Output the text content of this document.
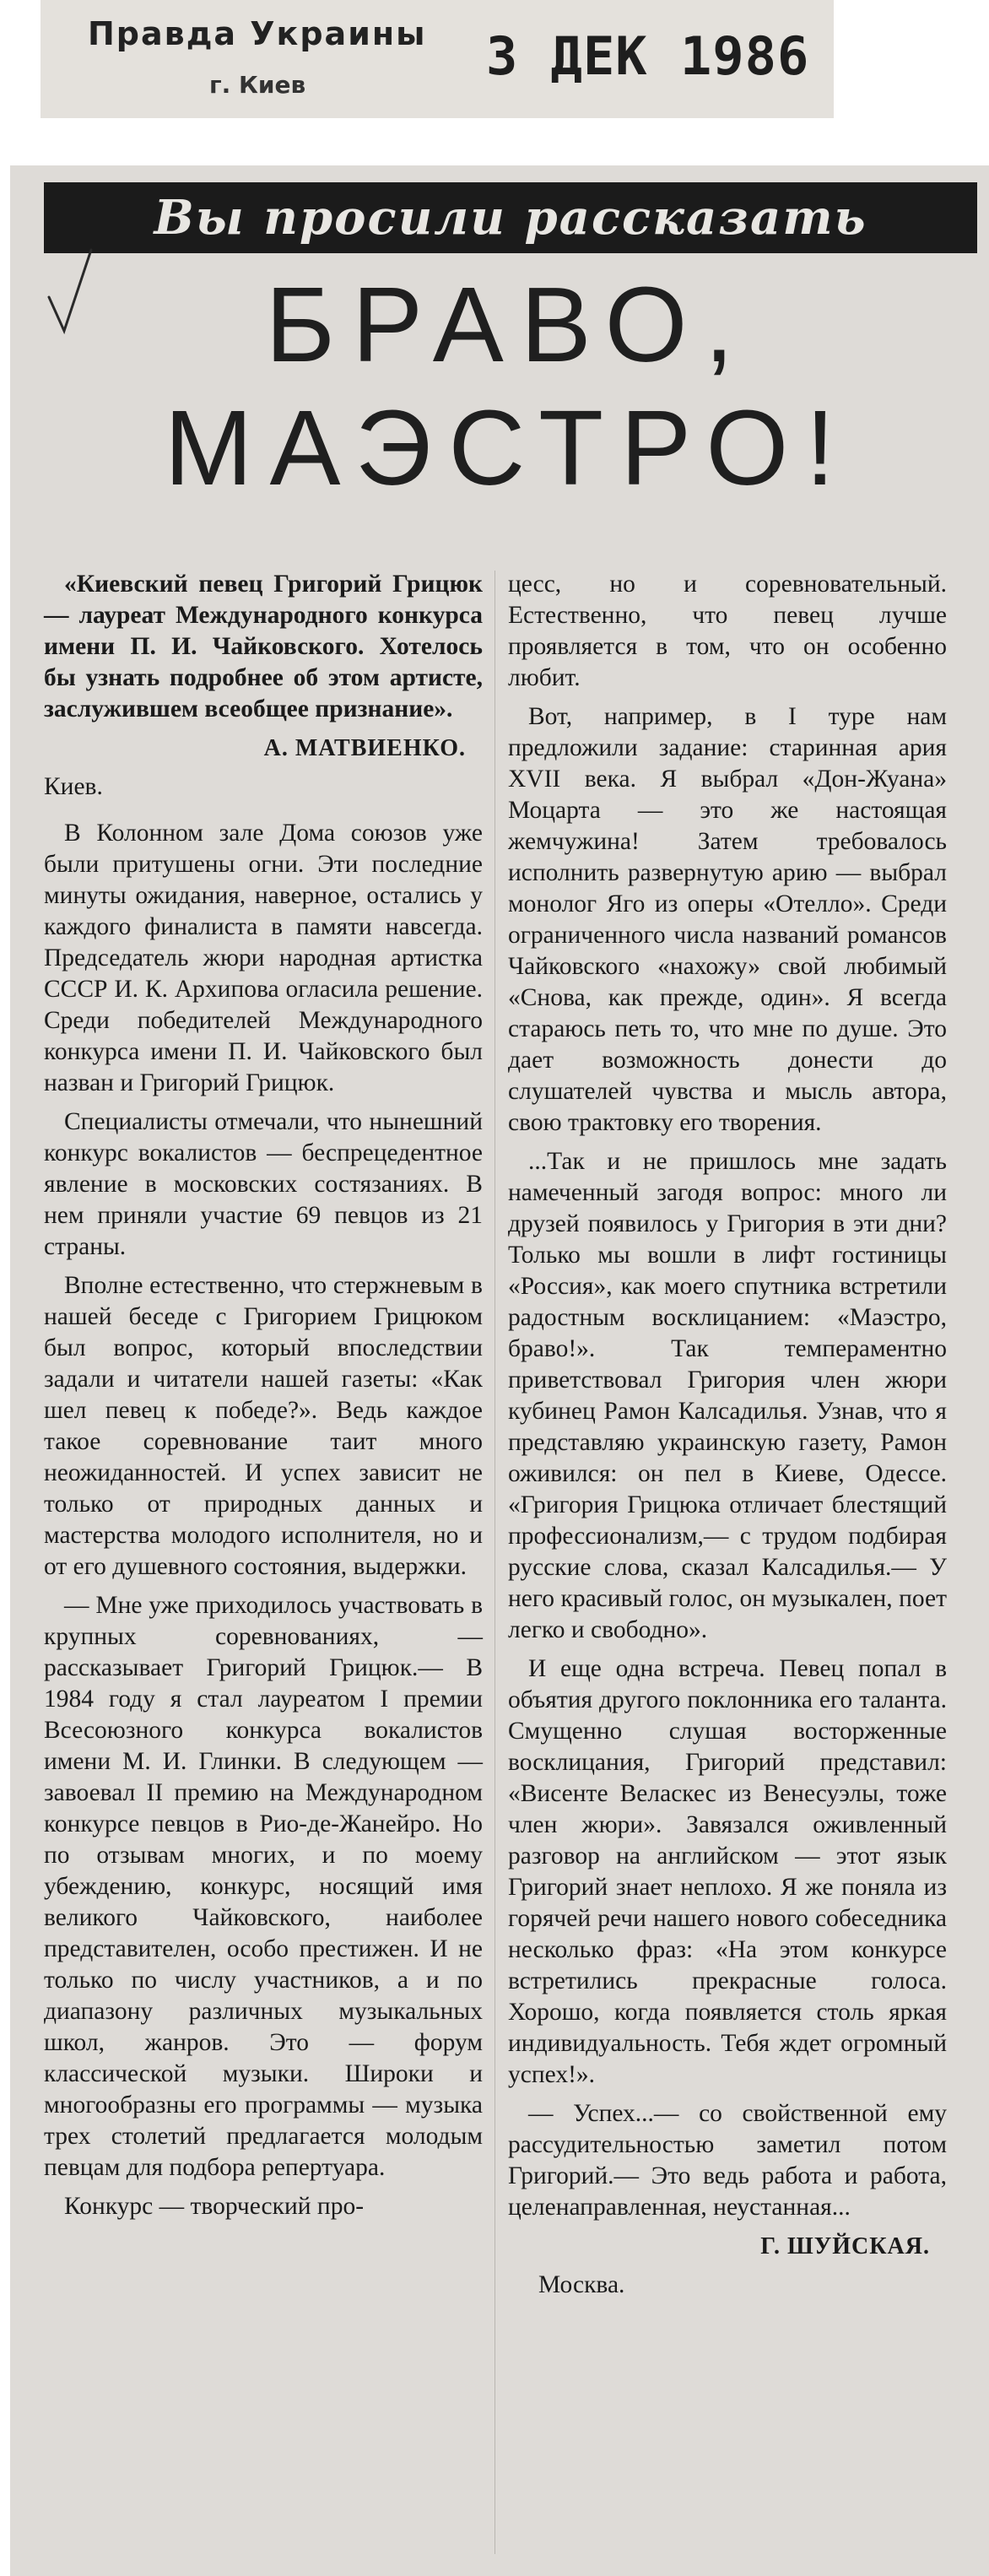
Правда Украины
г. Киев	3 ДЕК 1986
Вы просили рассказать
БРАВО,
МАЭСТРО!

«Киевский певец Григорий Грицюк — лауреат Международного конкурса имени П. И. Чайковского. Хотелось бы узнать подробнее об этом артисте, заслужившем всеобщее признание».

А. МАТВИЕНКО.

Киев.

В Колонном зале Дома союзов уже были притушены огни. Эти последние минуты ожидания, наверное, остались у каждого финалиста в памяти навсегда. Председатель жюри народная артистка СССР И. К. Архипова огласила решение. Среди победителей Международного конкурса имени П. И. Чайковского был назван и Григорий Грицюк.

Специалисты отмечали, что нынешний конкурс вокалистов — беспрецедентное явление в московских состязаниях. В нем приняли участие 69 певцов из 21 страны.

Вполне естественно, что стержневым в нашей беседе с Григорием Грицюком был вопрос, который впоследствии задали и читатели нашей газеты: «Как шел певец к победе?». Ведь каждое такое соревнование таит много неожиданностей. И успех зависит не только от природных данных и мастерства молодого исполнителя, но и от его душевного состояния, выдержки.

— Мне уже приходилось участвовать в крупных соревнованиях, — рассказывает Григорий Грицюк.— В 1984 году я стал лауреатом I премии Всесоюзного конкурса вокалистов имени М. И. Глинки. В следующем — завоевал II премию на Международном конкурсе певцов в Рио-де-Жанейро. Но по отзывам многих, и по моему убеждению, конкурс, носящий имя великого Чайковского, наиболее представителен, особо престижен. И не только по числу участников, а и по диапазону различных музыкальных школ, жанров. Это — форум классической музыки. Широки и многообразны его программы — музыка трех столетий предлагается молодым певцам для подбора репертуара.

Конкурс — творческий про-

цесс, но и соревновательный. Естественно, что певец лучше проявляется в том, что он особенно любит.

Вот, например, в I туре нам предложили задание: старинная ария XVII века. Я выбрал «Дон-Жуана» Моцарта — это же настоящая жемчужина! Затем требовалось исполнить развернутую арию — выбрал монолог Яго из оперы «Отелло». Среди ограниченного числа названий романсов Чайковского «нахожу» свой любимый «Снова, как прежде, один». Я всегда стараюсь петь то, что мне по душе. Это дает возможность донести до слушателей чувства и мысль автора, свою трактовку его творения.

...Так и не пришлось мне задать намеченный загодя вопрос: много ли друзей появилось у Григория в эти дни? Только мы вошли в лифт гостиницы «Россия», как моего спутника встретили радостным восклицанием: «Маэстро, браво!». Так темпераментно приветствовал Григория член жюри кубинец Рамон Калсадилья. Узнав, что я представляю украинскую газету, Рамон оживился: он пел в Киеве, Одессе. «Григория Грицюка отличает блестящий профессионализм,— с трудом подбирая русские слова, сказал Калсадилья.— У него красивый голос, он музыкален, поет легко и свободно».

И еще одна встреча. Певец попал в объятия другого поклонника его таланта. Смущенно слушая восторженные восклицания, Григорий представил: «Висенте Веласкес из Венесуэлы, тоже член жюри». Завязался оживленный разговор на английском — этот язык Григорий знает неплохо. Я же поняла из горячей речи нашего нового собеседника несколько фраз: «На этом конкурсе встретились прекрасные голоса. Хорошо, когда появляется столь яркая индивидуальность. Тебя ждет огромный успех!».

— Успех...— со свойственной ему рассудительностью заметил потом Григорий.— Это ведь работа и работа, целенаправленная, неустанная...

Г. ШУЙСКАЯ.

Москва.
